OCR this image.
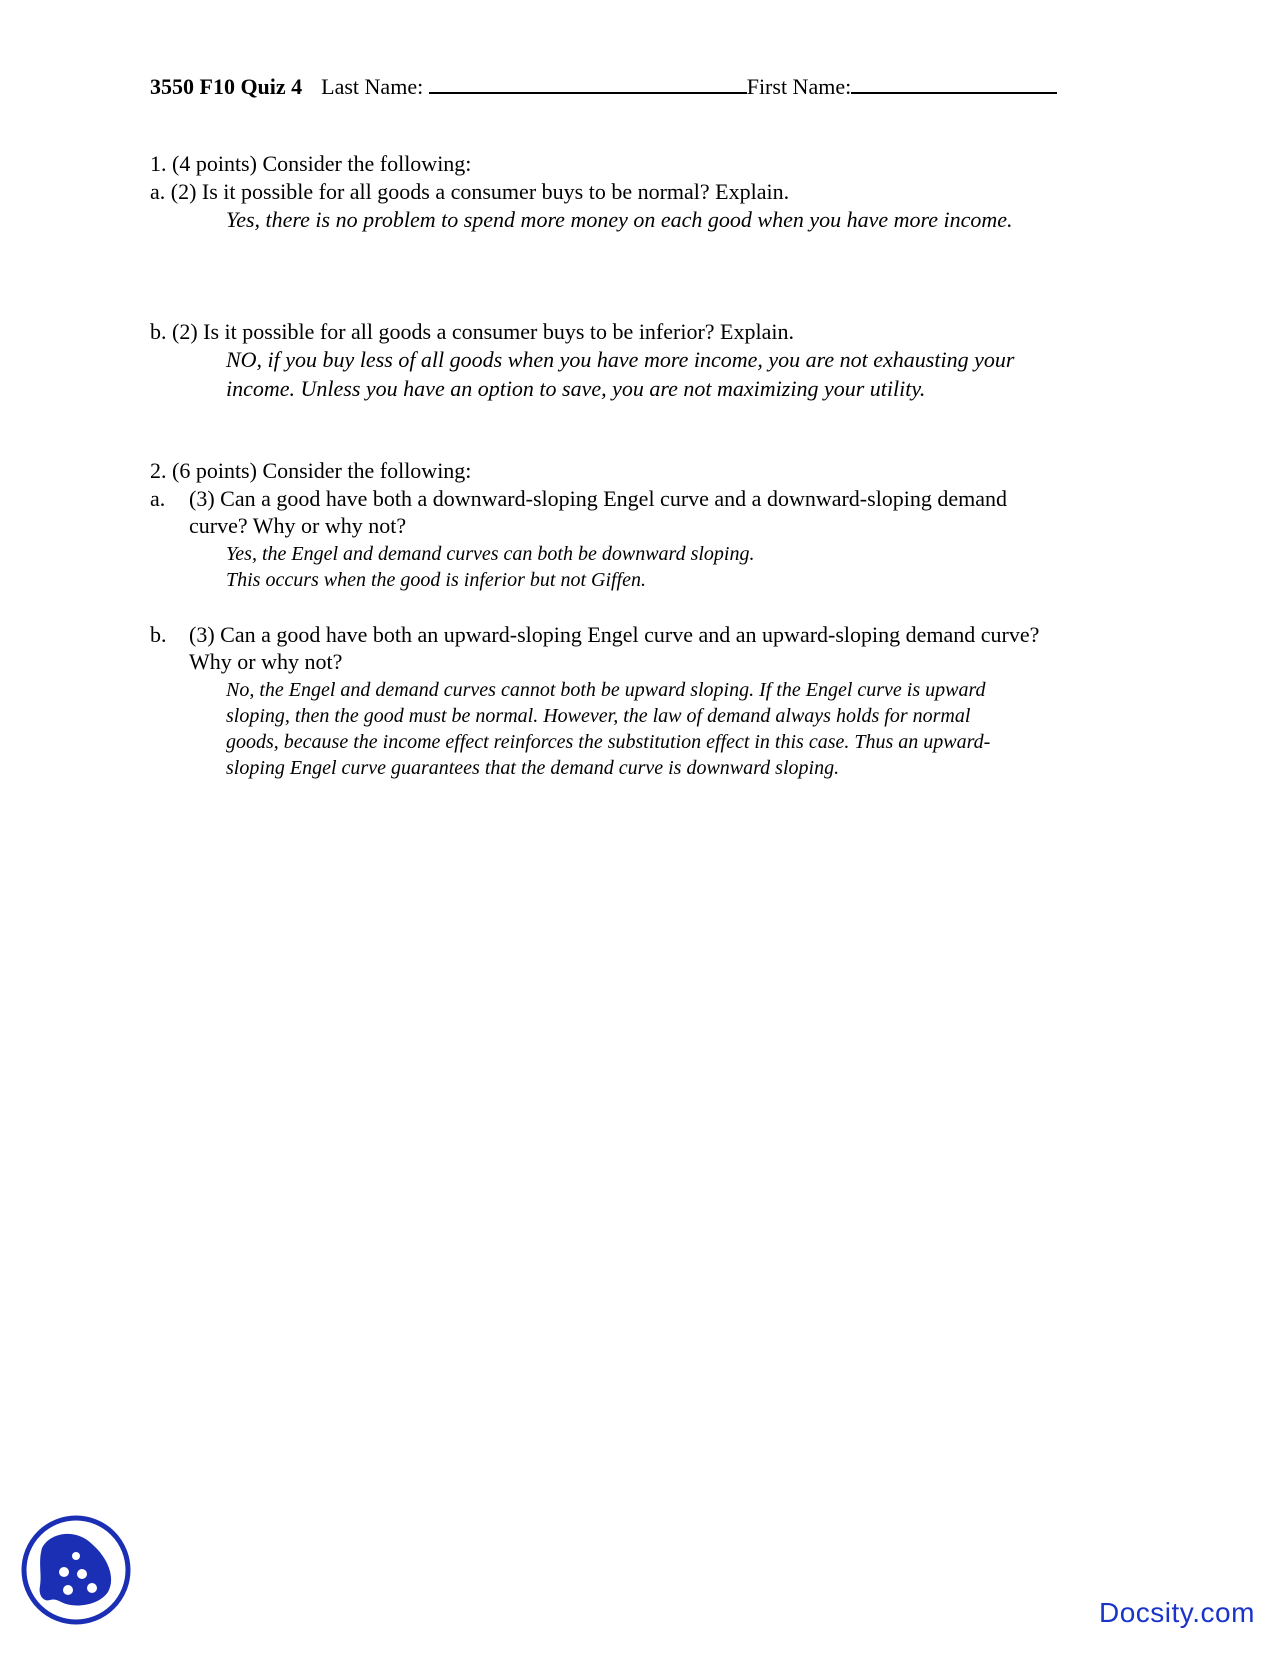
3550 F10 Quiz 4 Last Name:	First Name:
1. (4 points) Consider the following:
a. (2) Is it possible for all goods a consumer buys to be normal? Explain.
Yes, there is no problem to spend more money on each good when you have more income.
b. (2) Is it possible for all goods a consumer buys to be inferior? Explain.
NO, if you buy less of all goods when you have more income, you are not exhausting your
income. Unless you have an option to save, you are not maximizing your utility.
2. (6 points) Consider the following:
a. (3) Can a good have both a downward-sloping Engel curve and a downward-sloping demand
curve? Why or why not?
Yes, the Engel and demand curves can both be downward sloping.
This occurs when the good is inferior but not Giffen.
b. (3) Can a good have both an upward-sloping Engel curve and an upward-sloping demand curve?
Why or why not?
No, the Engel and demand curves cannot both be upward sloping. If the Engel curve is upward
sloping, then the good must be normal. However, the law of demand always holds for normal
goods, because the income effect reinforces the substitution effect in this case. Thus an upward-
sloping Engel curve guarantees that the demand curve is downward sloping.
Docsity.com
